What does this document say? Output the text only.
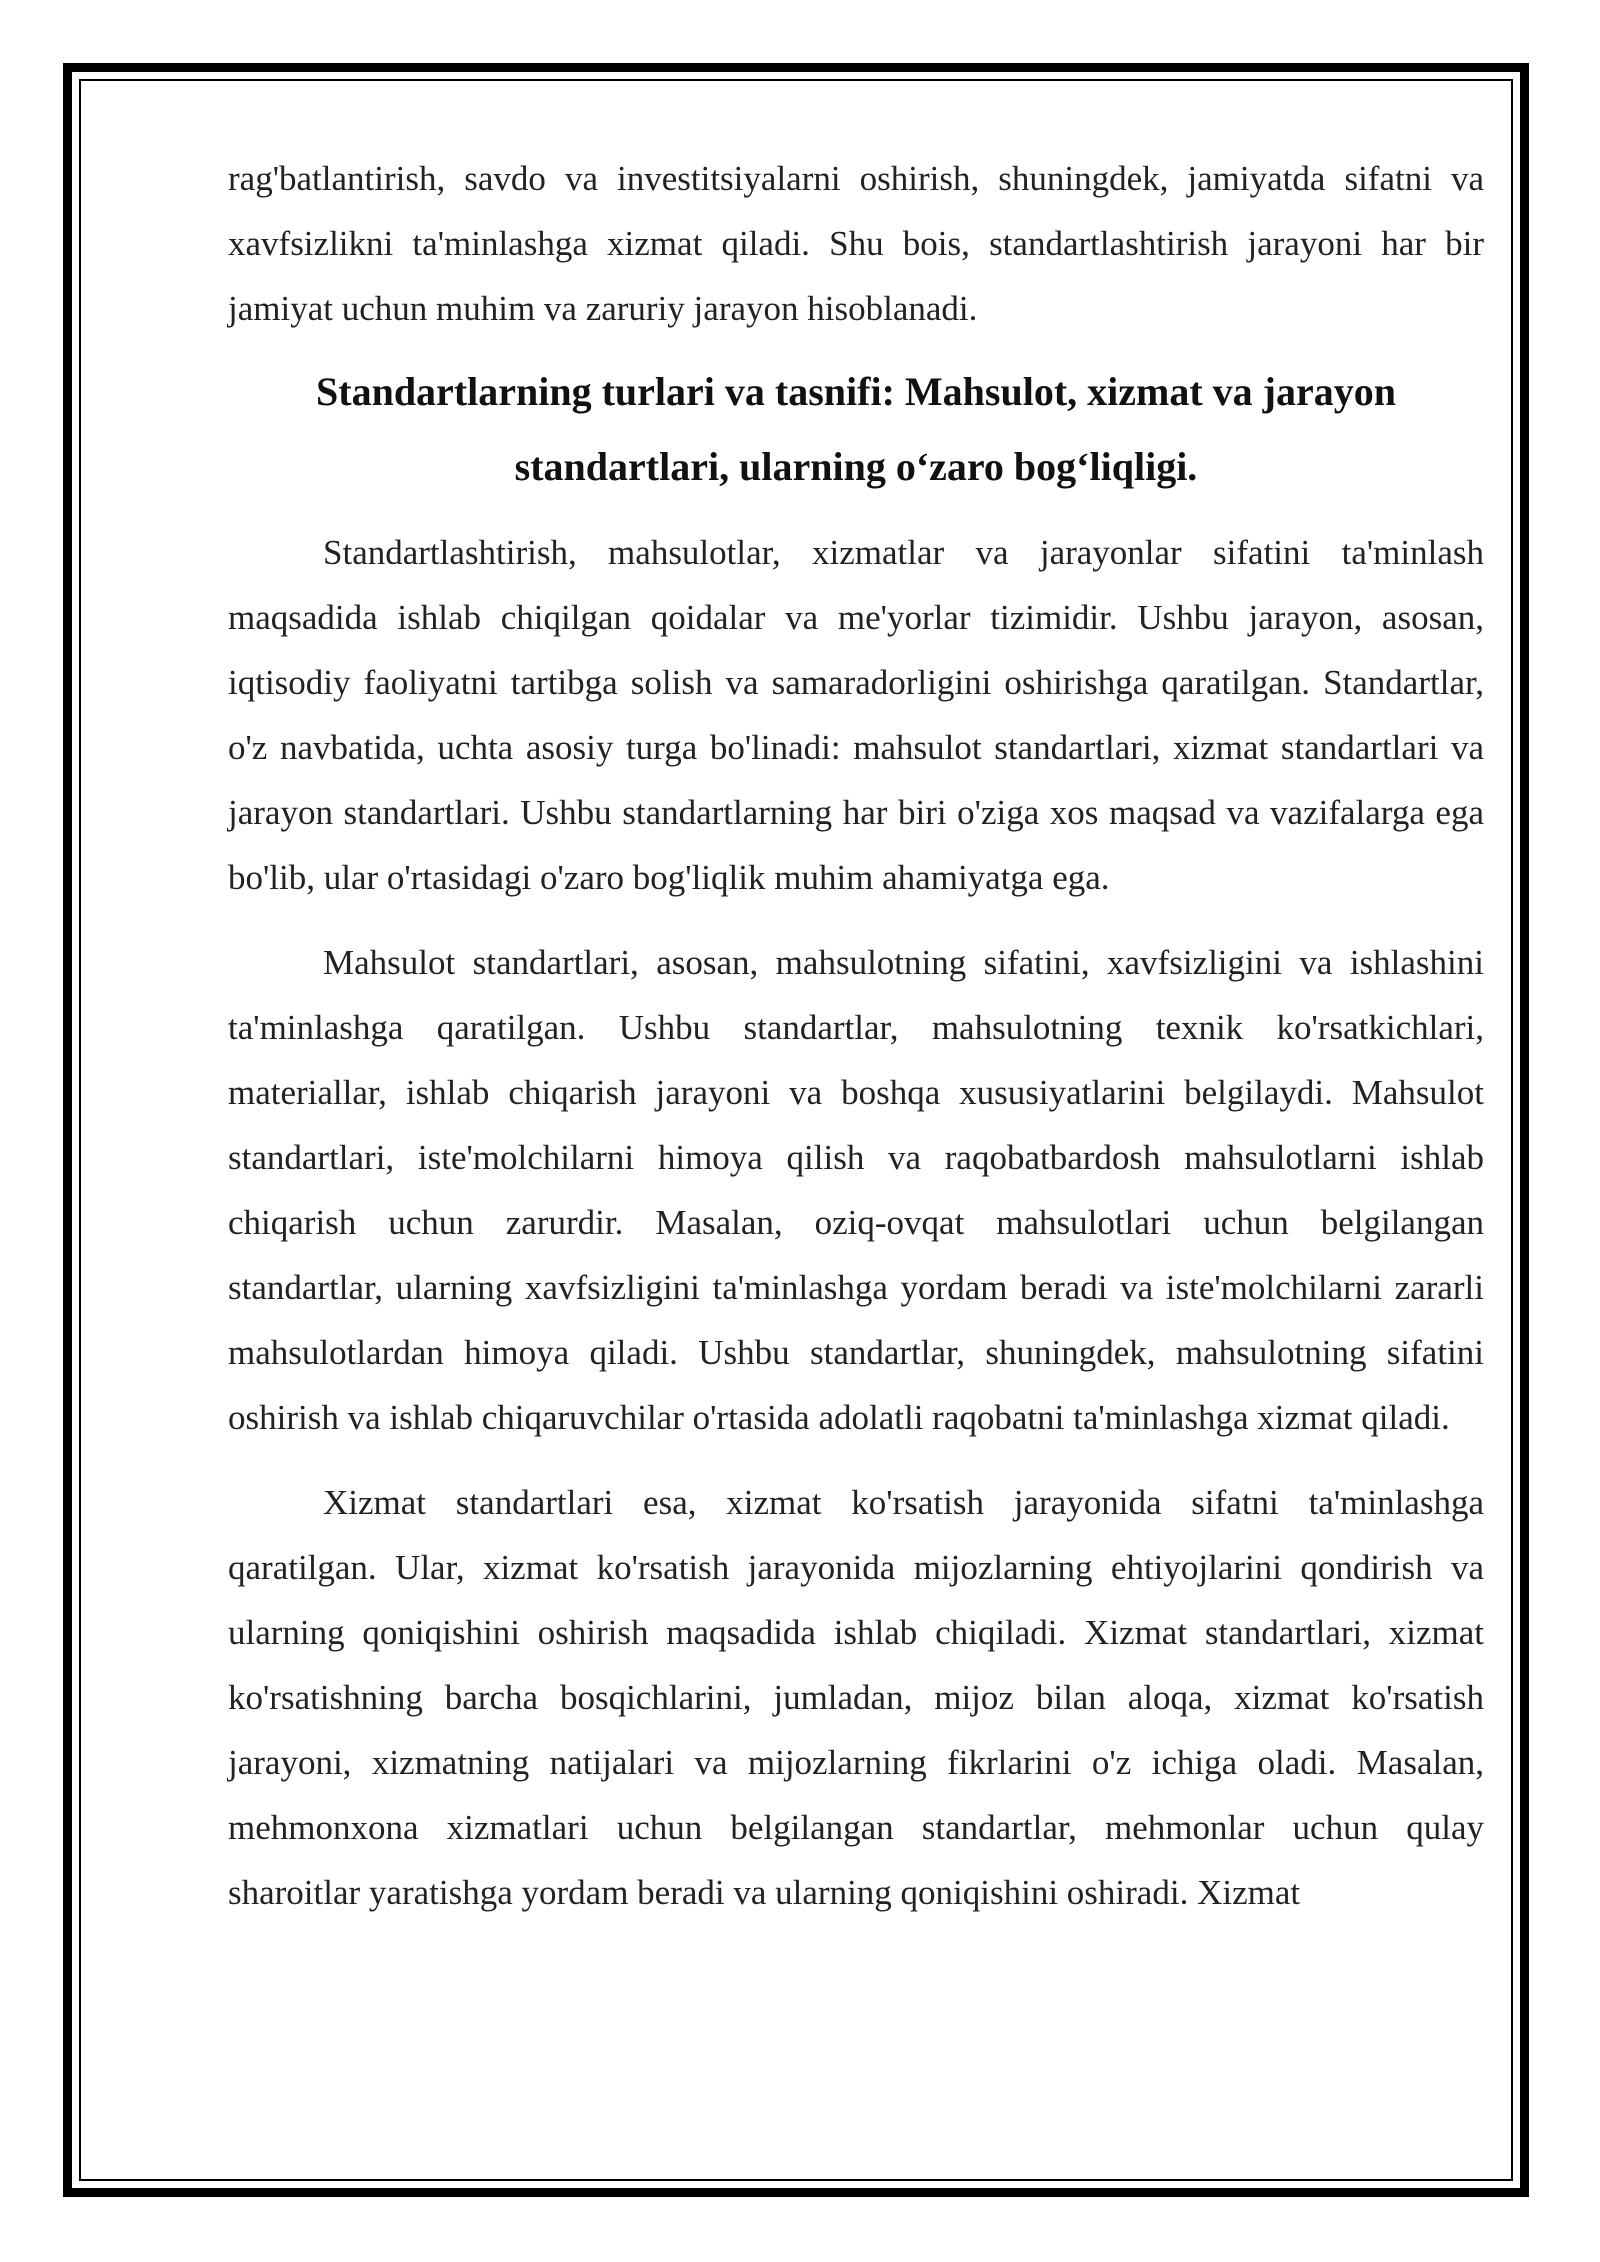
rag'batlantirish, savdo va investitsiyalarni oshirish, shuningdek, jamiyatda sifatni va xavfsizlikni ta'minlashga xizmat qiladi. Shu bois, standartlashtirish jarayoni har bir jamiyat uchun muhim va zaruriy jarayon hisoblanadi.

Standartlarning turlari va tasnifi: Mahsulot, xizmat va jarayon standartlari, ularning o‘zaro bog‘liqligi.

Standartlashtirish, mahsulotlar, xizmatlar va jarayonlar sifatini ta'minlash maqsadida ishlab chiqilgan qoidalar va me'yorlar tizimidir. Ushbu jarayon, asosan, iqtisodiy faoliyatni tartibga solish va samaradorligini oshirishga qaratilgan. Standartlar, o'z navbatida, uchta asosiy turga bo'linadi: mahsulot standartlari, xizmat standartlari va jarayon standartlari. Ushbu standartlarning har biri o'ziga xos maqsad va vazifalarga ega bo'lib, ular o'rtasidagi o'zaro bog'liqlik muhim ahamiyatga ega.

Mahsulot standartlari, asosan, mahsulotning sifatini, xavfsizligini va ishlashini ta'minlashga qaratilgan. Ushbu standartlar, mahsulotning texnik ko'rsatkichlari, materiallar, ishlab chiqarish jarayoni va boshqa xususiyatlarini belgilaydi. Mahsulot standartlari, iste'molchilarni himoya qilish va raqobatbardosh mahsulotlarni ishlab chiqarish uchun zarurdir. Masalan, oziq-ovqat mahsulotlari uchun belgilangan standartlar, ularning xavfsizligini ta'minlashga yordam beradi va iste'molchilarni zararli mahsulotlardan himoya qiladi. Ushbu standartlar, shuningdek, mahsulotning sifatini oshirish va ishlab chiqaruvchilar o'rtasida adolatli raqobatni ta'minlashga xizmat qiladi.

Xizmat standartlari esa, xizmat ko'rsatish jarayonida sifatni ta'minlashga qaratilgan. Ular, xizmat ko'rsatish jarayonida mijozlarning ehtiyojlarini qondirish va ularning qoniqishini oshirish maqsadida ishlab chiqiladi. Xizmat standartlari, xizmat ko'rsatishning barcha bosqichlarini, jumladan, mijoz bilan aloqa, xizmat ko'rsatish jarayoni, xizmatning natijalari va mijozlarning fikrlarini o'z ichiga oladi. Masalan, mehmonxona xizmatlari uchun belgilangan standartlar, mehmonlar uchun qulay sharoitlar yaratishga yordam beradi va ularning qoniqishini oshiradi. Xizmat
